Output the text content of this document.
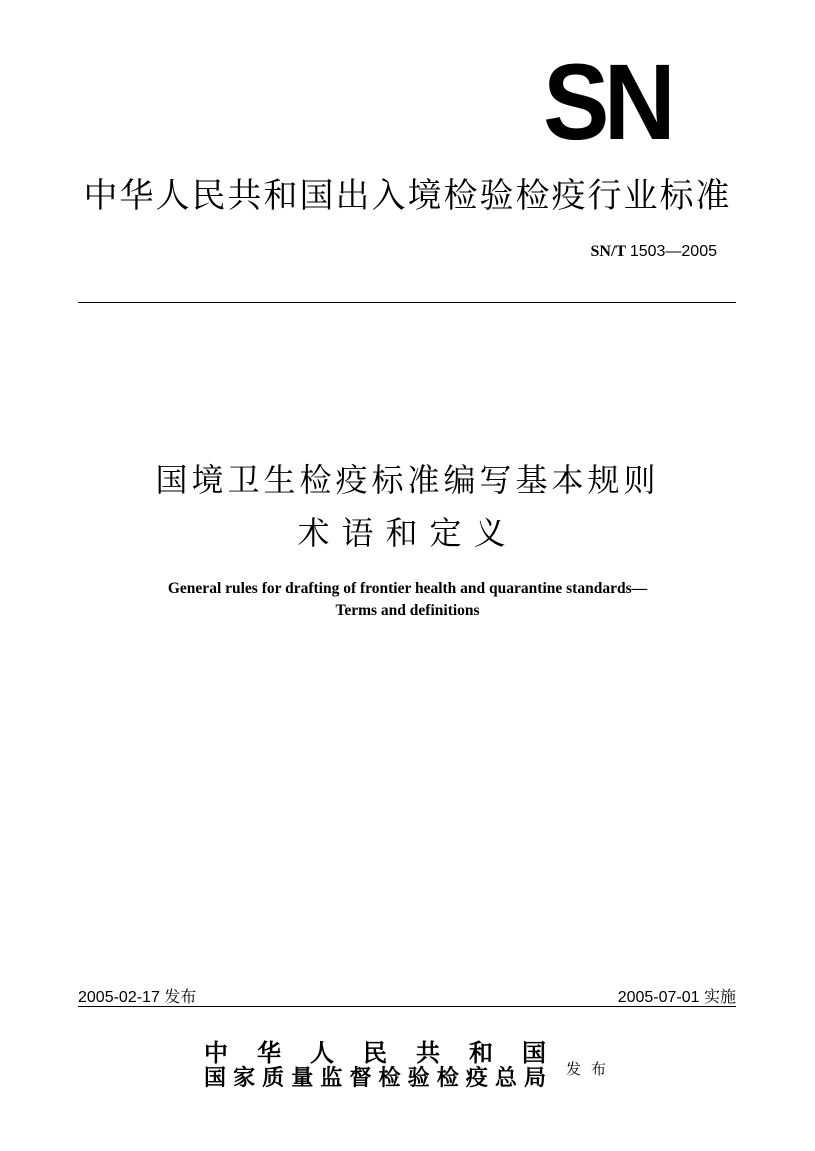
SN
中华人民共和国出入境检验检疫行业标准
SN/T 1503—2005
国境卫生检疫标准编写基本规则
术语和定义
General rules for drafting of frontier health and quarantine standards—
Terms and definitions
2005-02-17 发布	2005-07-01 实施
中华人民共和国
国家质量监督检验检疫总局 发布
